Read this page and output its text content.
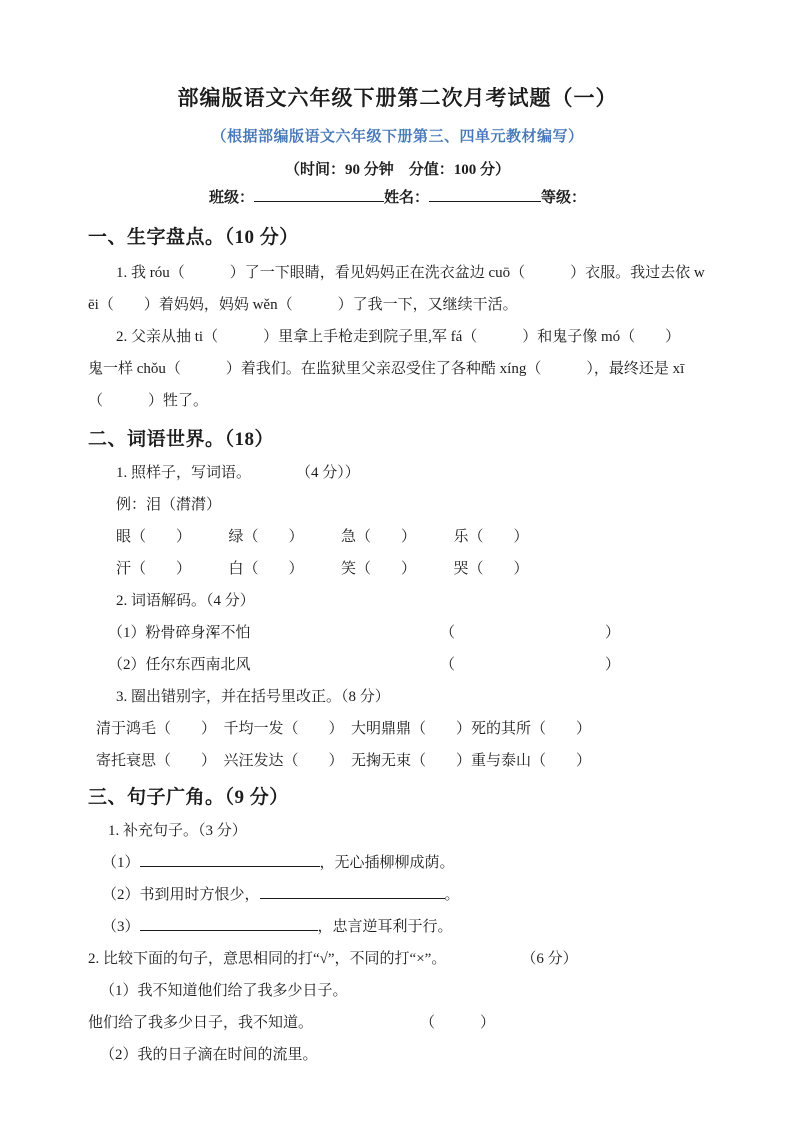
部编版语文六年级下册第二次月考试题（一）
（根据部编版语文六年级下册第三、四单元教材编写）
（时间：90 分钟　分值：100 分）
班级：	姓名：	等级：
一、生字盘点。（10 分）
1. 我 róu（　　　）了一下眼睛，看见妈妈正在洗衣盆边 cuō（　　　）衣服。我过去依 w
ēi（　　）着妈妈，妈妈 wěn（　　　）了我一下，又继续干活。
2. 父亲从抽 ti（　　　）里拿上手枪走到院子里,军 fá（　　　）和鬼子像 mó（　　）
鬼一样 chǒu（　　　）着我们。在监狱里父亲忍受住了各种酷 xíng（　　　），最终还是 xī
（　　　）牲了。
二、词语世界。（18）
1. 照样子，写词语。　　　　（4 分））
例：泪（潸潸）
眼（　　）　　　绿（　　）　　　急（　　）　　　乐（　　）
汗（　　）　　　白（　　）　　　笑（　　）　　　哭（　　）
2. 词语解码。（4 分）
（1）粉骨碎身浑 ·不怕	（　　　　　　　　　　）
（2）任尔 ·东西南北风	（　　　　　　　　　　）
3. 圈出错别字，并在括号里改正。（8 分）
清于鸿毛（　　）　千均一发（　　）　大明鼎鼎（　　）死的其所（　　）
寄托衰思（　　）　兴汪发达（　　）　无掬无束（　　）重与泰山（　　）
三、句子广角。（9 分）
1. 补充句子。（3 分）
（1）	，无心插柳柳成荫。
（2）书到用时方恨少，	。
（3）	，忠言逆耳利于行。
2. 比较下面的句子，意思相同的打“√”，不同的打“×”。　　　　　　（6 分）
（1）我不知道他们给了我多少日子。
他们给了我多少日子，我不知道。	（　　　）
（2）我的日子滴在时间的流里。
